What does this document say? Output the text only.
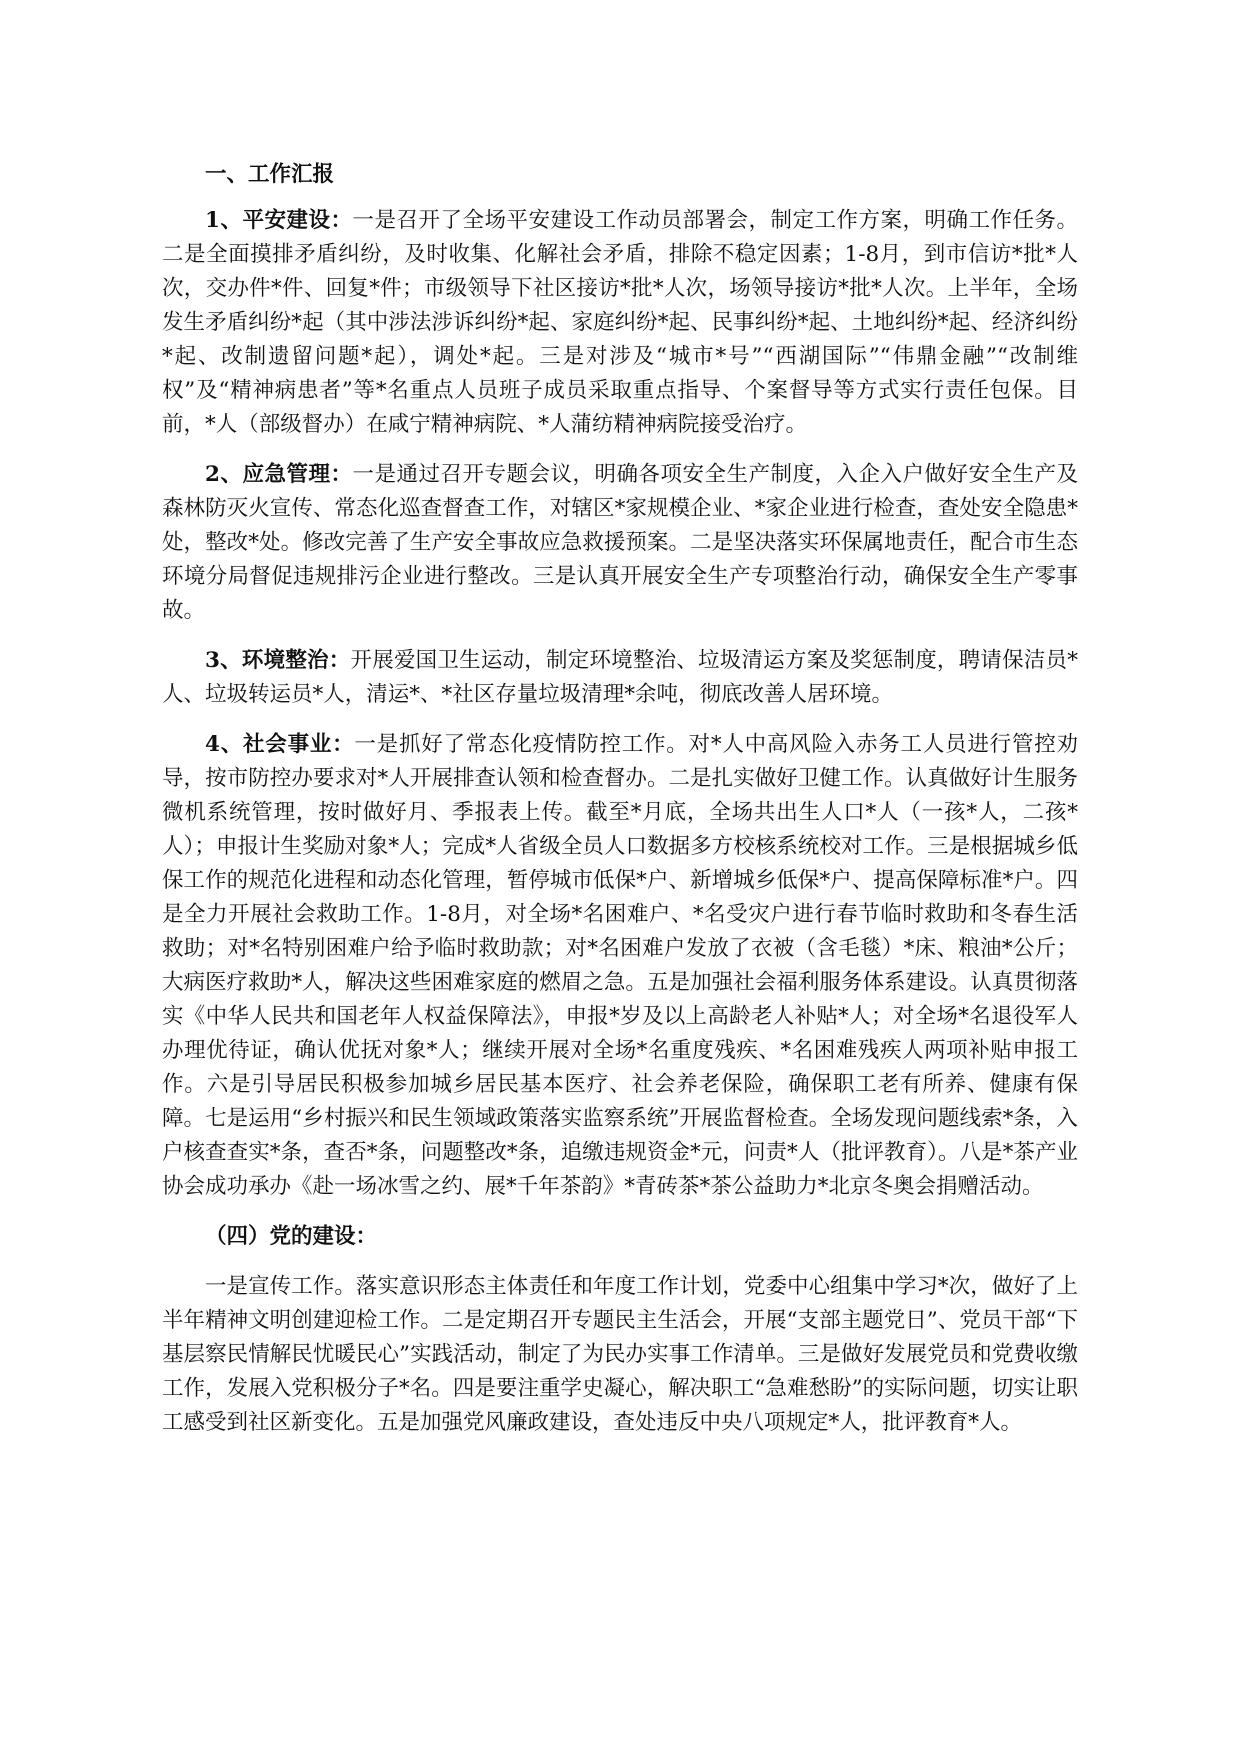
一、工作汇报

1、平安建设：一是召开了全场平安建设工作动员部署会，制定工作方案，明确工作任务。二是全面摸排矛盾纠纷，及时收集、化解社会矛盾，排除不稳定因素；1-8月，到市信访*批*人次，交办件*件、回复*件；市级领导下社区接访*批*人次，场领导接访*批*人次。上半年，全场发生矛盾纠纷*起（其中涉法涉诉纠纷*起、家庭纠纷*起、民事纠纷*起、土地纠纷*起、经济纠纷*起、改制遗留问题*起），调处*起。三是对涉及“城市*号”“西湖国际”“伟鼎金融”“改制维权”及“精神病患者”等*名重点人员班子成员采取重点指导、个案督导等方式实行责任包保。目前，*人（部级督办）在咸宁精神病院、*人蒲纺精神病院接受治疗。

2、应急管理：一是通过召开专题会议，明确各项安全生产制度，入企入户做好安全生产及森林防灭火宣传、常态化巡查督查工作，对辖区*家规模企业、*家企业进行检查，查处安全隐患*处，整改*处。修改完善了生产安全事故应急救援预案。二是坚决落实环保属地责任，配合市生态环境分局督促违规排污企业进行整改。三是认真开展安全生产专项整治行动，确保安全生产零事故。

3、环境整治：开展爱国卫生运动，制定环境整治、垃圾清运方案及奖惩制度，聘请保洁员*人、垃圾转运员*人，清运*、*社区存量垃圾清理*余吨，彻底改善人居环境。

4、社会事业：一是抓好了常态化疫情防控工作。对*人中高风险入赤务工人员进行管控劝导，按市防控办要求对*人开展排查认领和检查督办。二是扎实做好卫健工作。认真做好计生服务微机系统管理，按时做好月、季报表上传。截至*月底，全场共出生人口*人（一孩*人，二孩*人）；申报计生奖励对象*人；完成*人省级全员人口数据多方校核系统校对工作。三是根据城乡低保工作的规范化进程和动态化管理，暂停城市低保*户、新增城乡低保*户、提高保障标准*户。四是全力开展社会救助工作。1-8月，对全场*名困难户、*名受灾户进行春节临时救助和冬春生活救助；对*名特别困难户给予临时救助款；对*名困难户发放了衣被（含毛毯）*床、粮油*公斤；大病医疗救助*人，解决这些困难家庭的燃眉之急。五是加强社会福利服务体系建设。认真贯彻落实《中华人民共和国老年人权益保障法》，申报*岁及以上高龄老人补贴*人；对全场*名退役军人办理优待证，确认优抚对象*人；继续开展对全场*名重度残疾、*名困难残疾人两项补贴申报工作。六是引导居民积极参加城乡居民基本医疗、社会养老保险，确保职工老有所养、健康有保障。七是运用“乡村振兴和民生领域政策落实监察系统”开展监督检查。全场发现问题线索*条，入户核查查实*条，查否*条，问题整改*条，追缴违规资金*元，问责*人（批评教育）。八是*茶产业协会成功承办《赴一场冰雪之约、展*千年茶韵》*青砖茶*茶公益助力*北京冬奥会捐赠活动。

（四）党的建设：

一是宣传工作。落实意识形态主体责任和年度工作计划，党委中心组集中学习*次，做好了上半年精神文明创建迎检工作。二是定期召开专题民主生活会，开展“支部主题党日”、党员干部“下基层察民情解民忧暖民心”实践活动，制定了为民办实事工作清单。三是做好发展党员和党费收缴工作，发展入党积极分子*名。四是要注重学史凝心，解决职工“急难愁盼”的实际问题，切实让职工感受到社区新变化。五是加强党风廉政建设，查处违反中央八项规定*人，批评教育*人。
